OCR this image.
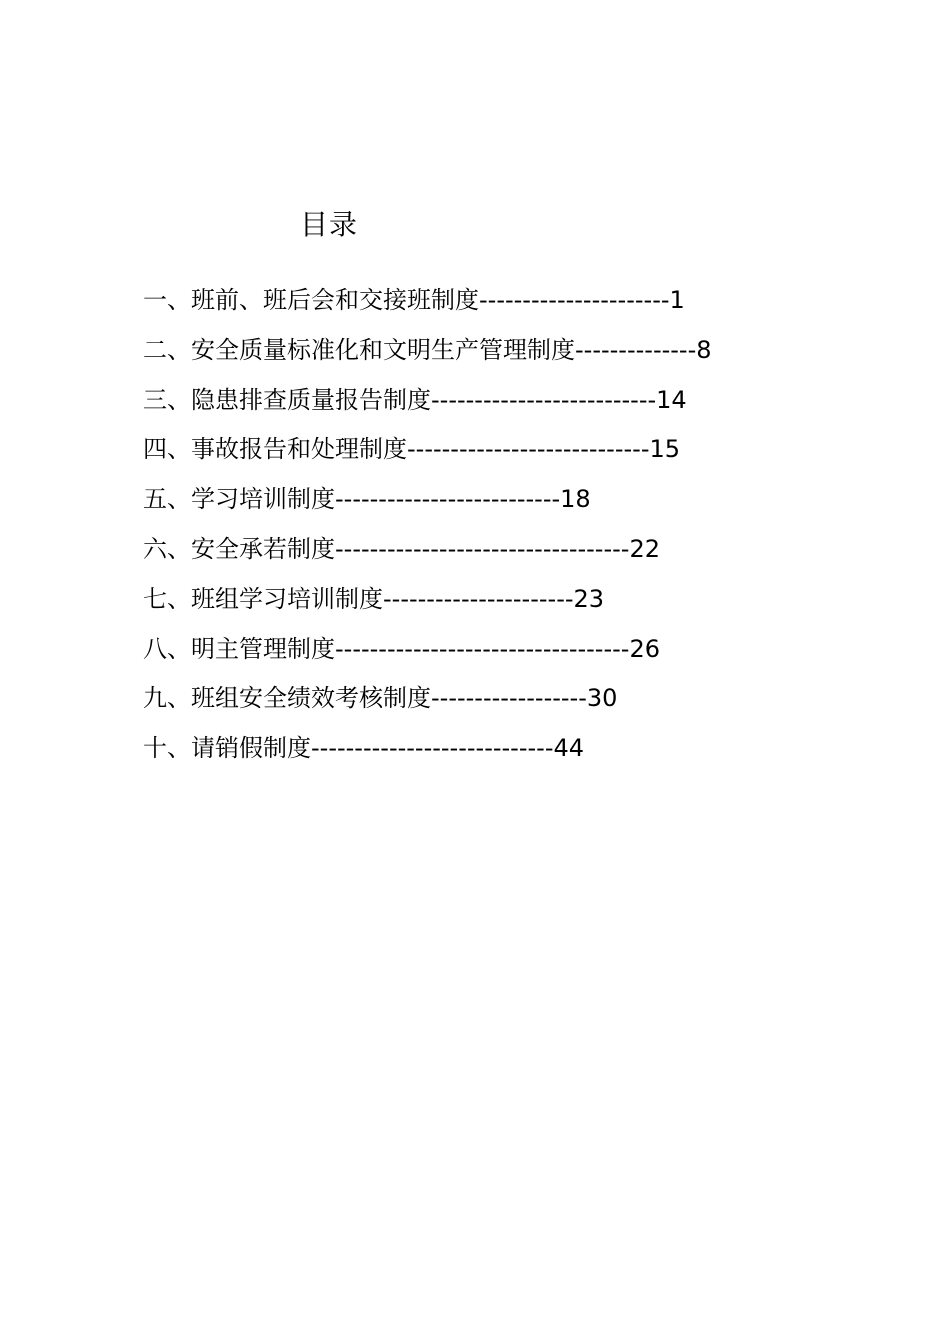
目录
一、班前、班后会和交接班制度----------------------1
二、安全质量标准化和文明生产管理制度--------------8
三、隐患排查质量报告制度--------------------------14
四、事故报告和处理制度----------------------------15
五、学习培训制度--------------------------18
六、安全承若制度----------------------------------22
七、班组学习培训制度----------------------23
八、明主管理制度----------------------------------26
九、班组安全绩效考核制度------------------30
十、请销假制度----------------------------44
